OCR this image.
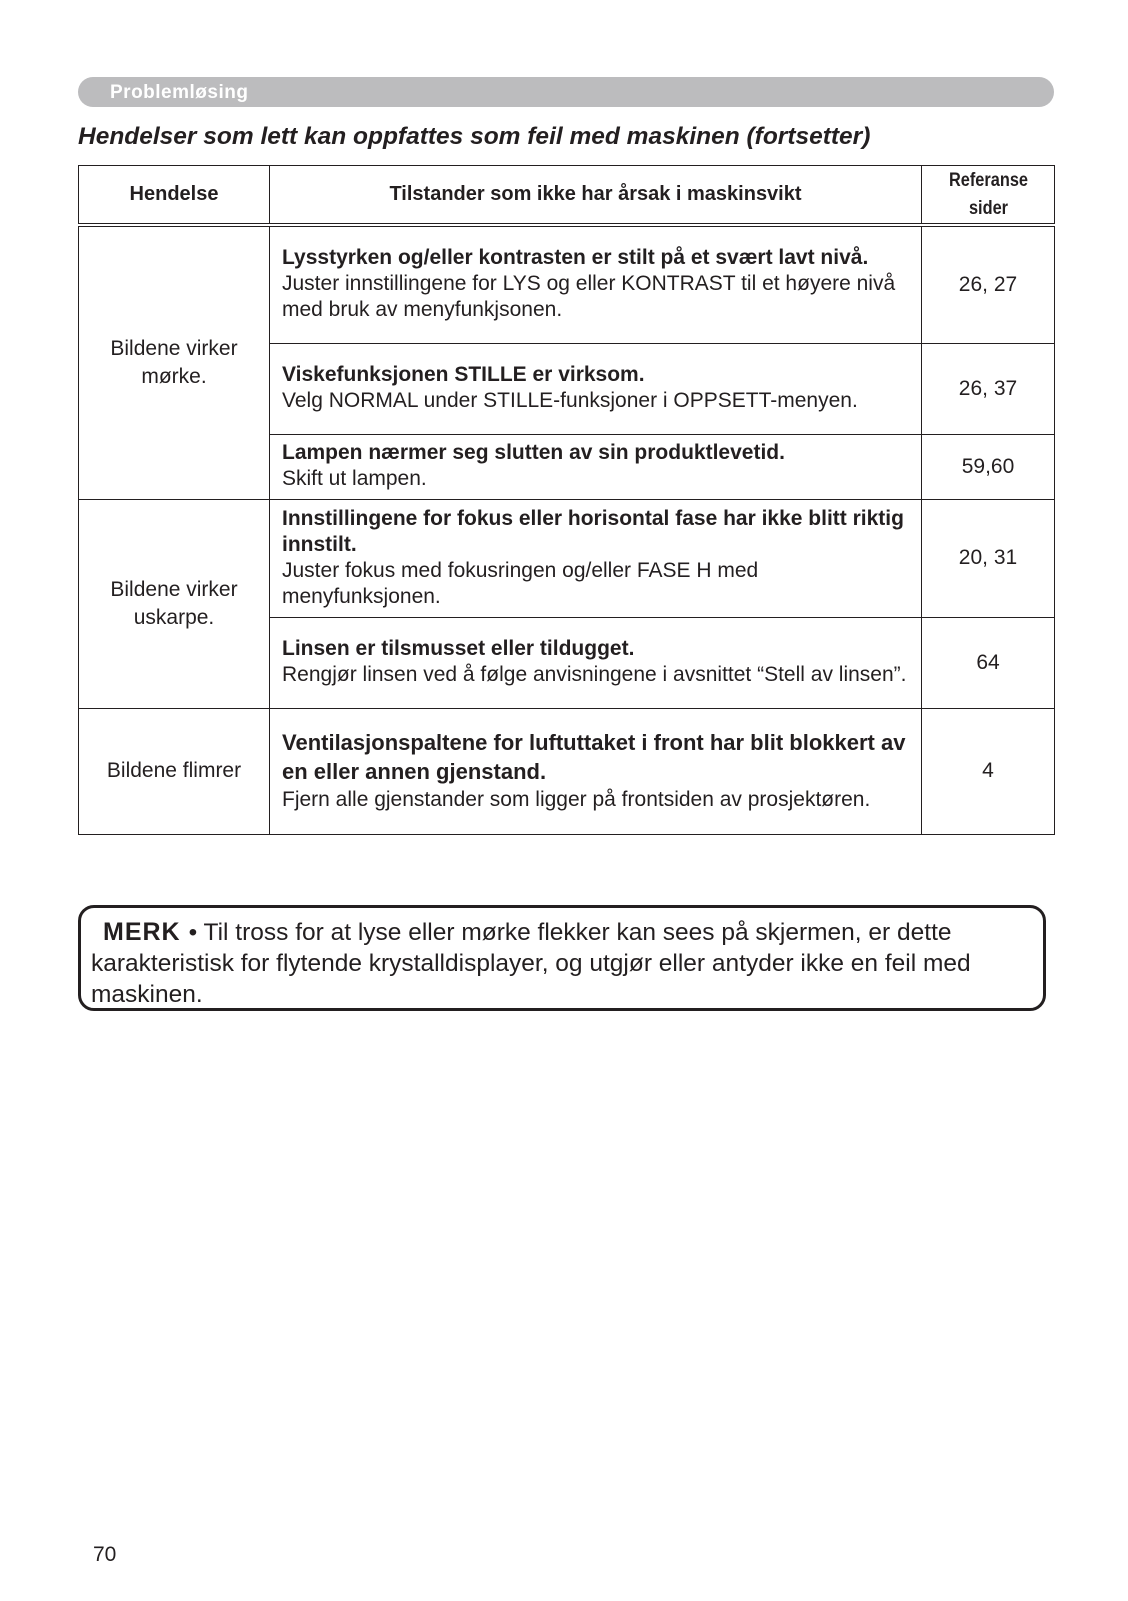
Problemløsing
Hendelser som lett kan oppfattes som feil med maskinen (fortsetter)
Hendelse	Tilstander som ikke har årsak i maskinsvikt	Referanse
sider
Bildene virker mørke.	Lysstyrken og/eller kontrasten er stilt på et svært lavt nivå.
Juster innstillingene for LYS og eller KONTRAST til et høyere nivå med bruk av menyfunkjsonen.	26, 27

	Viskefunksjonen STILLE er virksom.
Velg NORMAL under STILLE-funksjoner i OPPSETT-menyen.	26, 37

	Lampen nærmer seg slutten av sin produktlevetid.
Skift ut lampen.	59,60
Bildene virker uskarpe.	Innstillingene for fokus eller horisontal fase har ikke blitt riktig innstilt.
Juster fokus med fokusringen og/eller FASE H med menyfunksjonen.	20, 31

	Linsen er tilsmusset eller tildugget.
Rengjør linsen ved å følge anvisningene i avsnittet “Stell av linsen”.	64
Bildene flimrer	Ventilasjonspaltene for luftuttaket i front har blit blokkert av en eller annen gjenstand.
Fjern alle gjenstander som ligger på frontsiden av prosjektøren.	4
MERK • Til tross for at lyse eller mørke flekker kan sees på skjermen, er dette karakteristisk for flytende krystalldisplayer, og utgjør eller antyder ikke en feil med maskinen.
70
